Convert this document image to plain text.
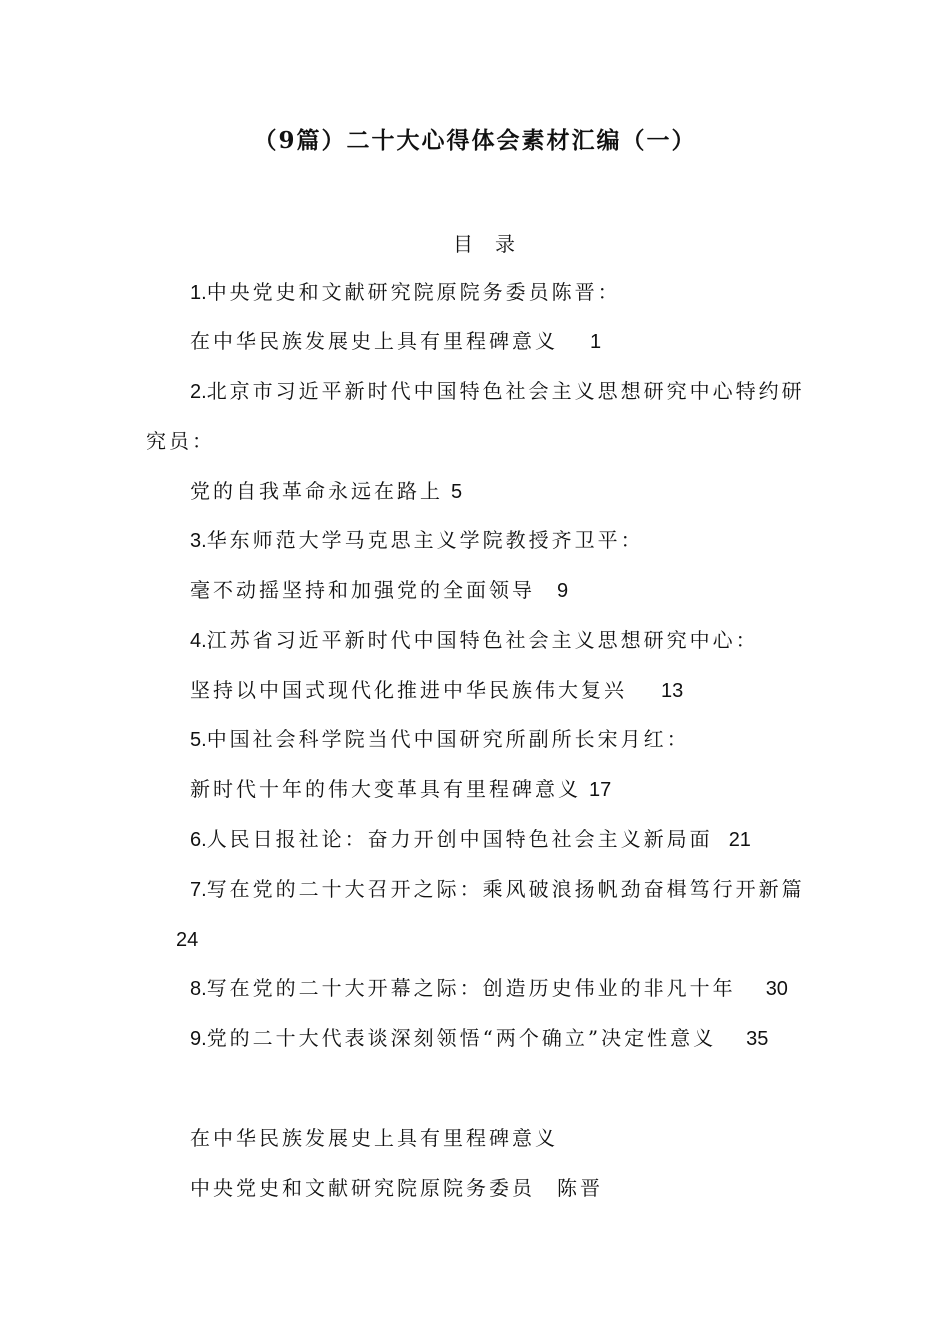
（9篇）二十大心得体会素材汇编（一）
目录
1.中央党史和文献研究院原院务委员陈晋：
在中华民族发展史上具有里程碑意义 1
2.北京市习近平新时代中国特色社会主义思想研究中心特约研
究员：
党的自我革命永远在路上 5
3.华东师范大学马克思主义学院教授齐卫平：
毫不动摇坚持和加强党的全面领导 9
4.江苏省习近平新时代中国特色社会主义思想研究中心：
坚持以中国式现代化推进中华民族伟大复兴 13
5.中国社会科学院当代中国研究所副所长宋月红：
新时代十年的伟大变革具有里程碑意义 17
6.人民日报社论：奋力开创中国特色社会主义新局面 21
7.写在党的二十大召开之际：乘风破浪扬帆劲奋楫笃行开新篇
24
8.写在党的二十大开幕之际：创造历史伟业的非凡十年 30
9.党的二十大代表谈深刻领悟“两个确立”决定性意义 35
在中华民族发展史上具有里程碑意义
中央党史和文献研究院原院务委员 陈晋
